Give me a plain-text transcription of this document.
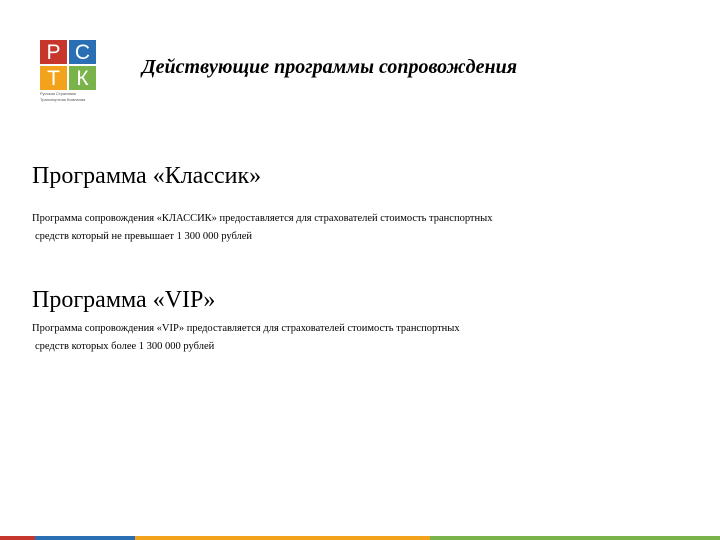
Р С
Т К
Русская Страховая
Транспортная Компания
Действующие программы сопровождения
Программа «Классик»
Программа сопровождения «КЛАССИК» предоставляется для страхователей стоимость транспортных
средств который не превышает 1 300 000 рублей
Программа «VIP»
Программа сопровождения «VIP» предоставляется для страхователей стоимость транспортных
средств которых более 1 300 000 рублей
